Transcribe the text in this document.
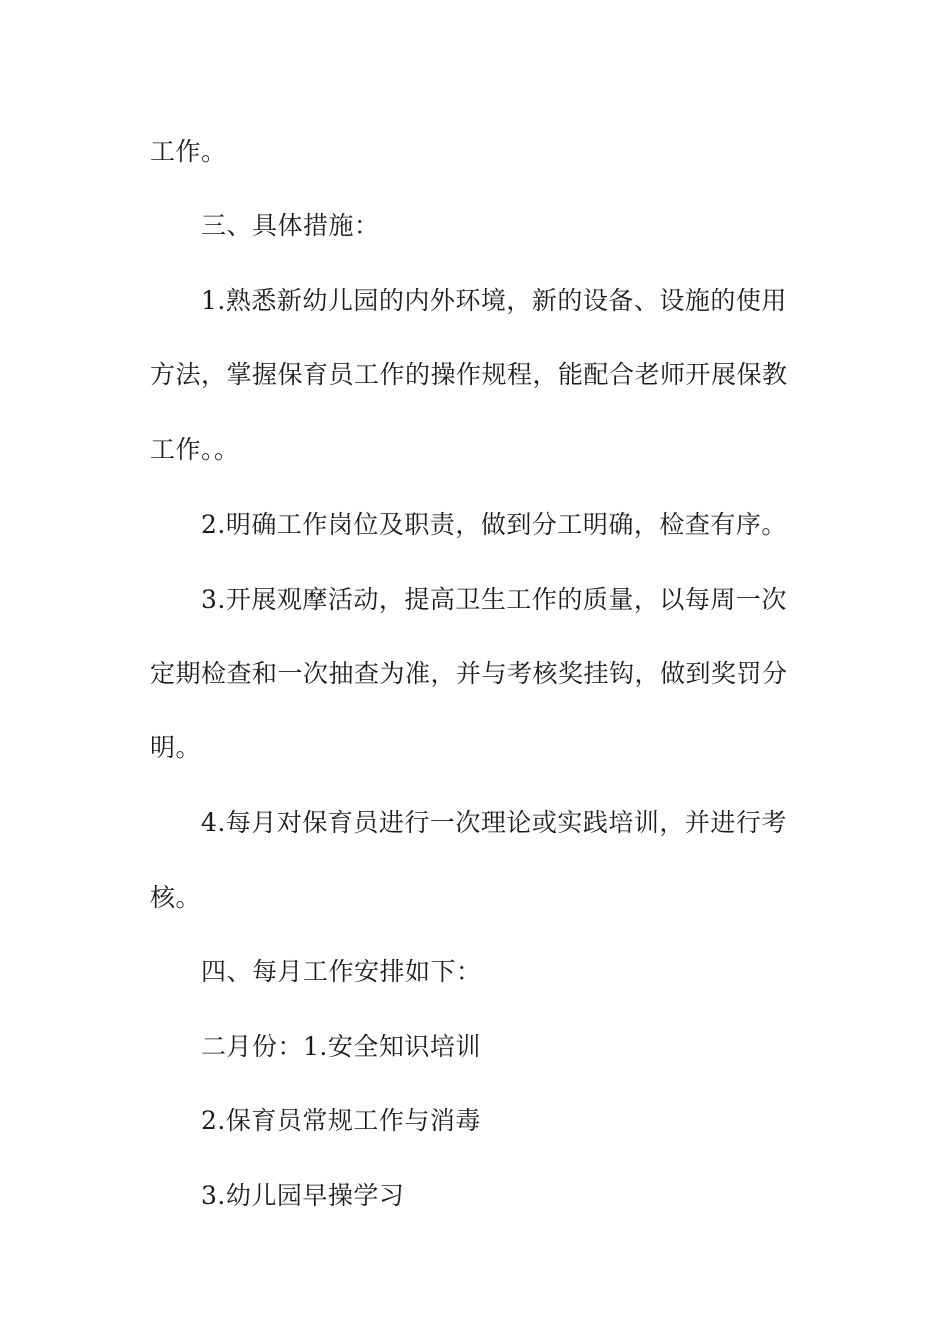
工作。
三、具体措施：
1.熟悉新幼儿园的内外环境，新的设备、设施的使用
方法，掌握保育员工作的操作规程，能配合老师开展保教
工作。。
2.明确工作岗位及职责，做到分工明确，检查有序。
3.开展观摩活动，提高卫生工作的质量，以每周一次
定期检查和一次抽查为准，并与考核奖挂钩，做到奖罚分
明。
4.每月对保育员进行一次理论或实践培训，并进行考
核。
四、每月工作安排如下：
二月份：1.安全知识培训
2.保育员常规工作与消毒
3.幼儿园早操学习
